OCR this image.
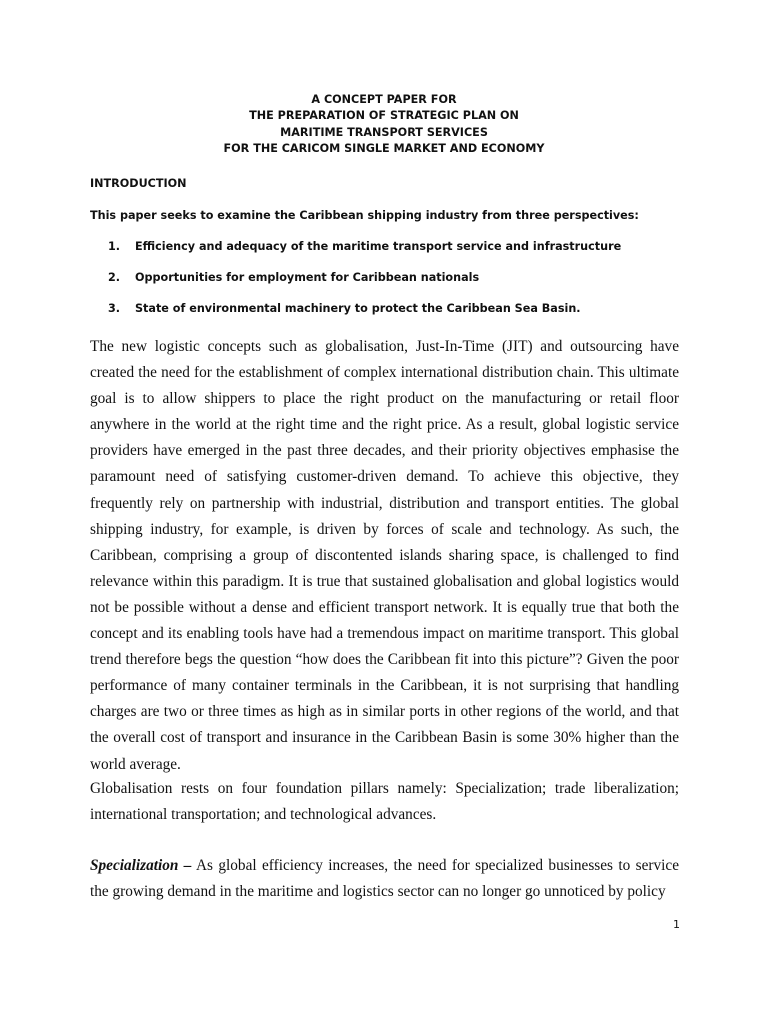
A CONCEPT PAPER FOR
THE PREPARATION OF STRATEGIC PLAN ON
MARITIME TRANSPORT SERVICES
FOR THE CARICOM SINGLE MARKET AND ECONOMY
INTRODUCTION
This paper seeks to examine the Caribbean shipping industry from three perspectives:
1.	Efficiency and adequacy of the maritime transport service and infrastructure
2.	Opportunities for employment for Caribbean nationals
3.	State of environmental machinery to protect the Caribbean Sea Basin.

The new logistic concepts such as globalisation, Just-In-Time (JIT) and outsourcing have created the need for the establishment of complex international distribution chain. This ultimate goal is to allow shippers to place the right product on the manufacturing or retail floor anywhere in the world at the right time and the right price. As a result, global logistic service providers have emerged in the past three decades, and their priority objectives emphasise the paramount need of satisfying customer-driven demand. To achieve this objective, they frequently rely on partnership with industrial, distribution and transport entities. The global shipping industry, for example, is driven by forces of scale and technology. As such, the Caribbean, comprising a group of discontented islands sharing space, is challenged to find relevance within this paradigm. It is true that sustained globalisation and global logistics would not be possible without a dense and efficient transport network. It is equally true that both the concept and its enabling tools have had a tremendous impact on maritime transport. This global trend therefore begs the question “how does the Caribbean fit into this picture”? Given the poor performance of many container terminals in the Caribbean, it is not surprising that handling charges are two or three times as high as in similar ports in other regions of the world, and that the overall cost of transport and insurance in the Caribbean Basin is some 30% higher than the world average.

Globalisation rests on four foundation pillars namely: Specialization; trade liberalization; international transportation; and technological advances.

Specialization – As global efficiency increases, the need for specialized businesses to service the growing demand in the maritime and logistics sector can no longer go unnoticed by policy

1
